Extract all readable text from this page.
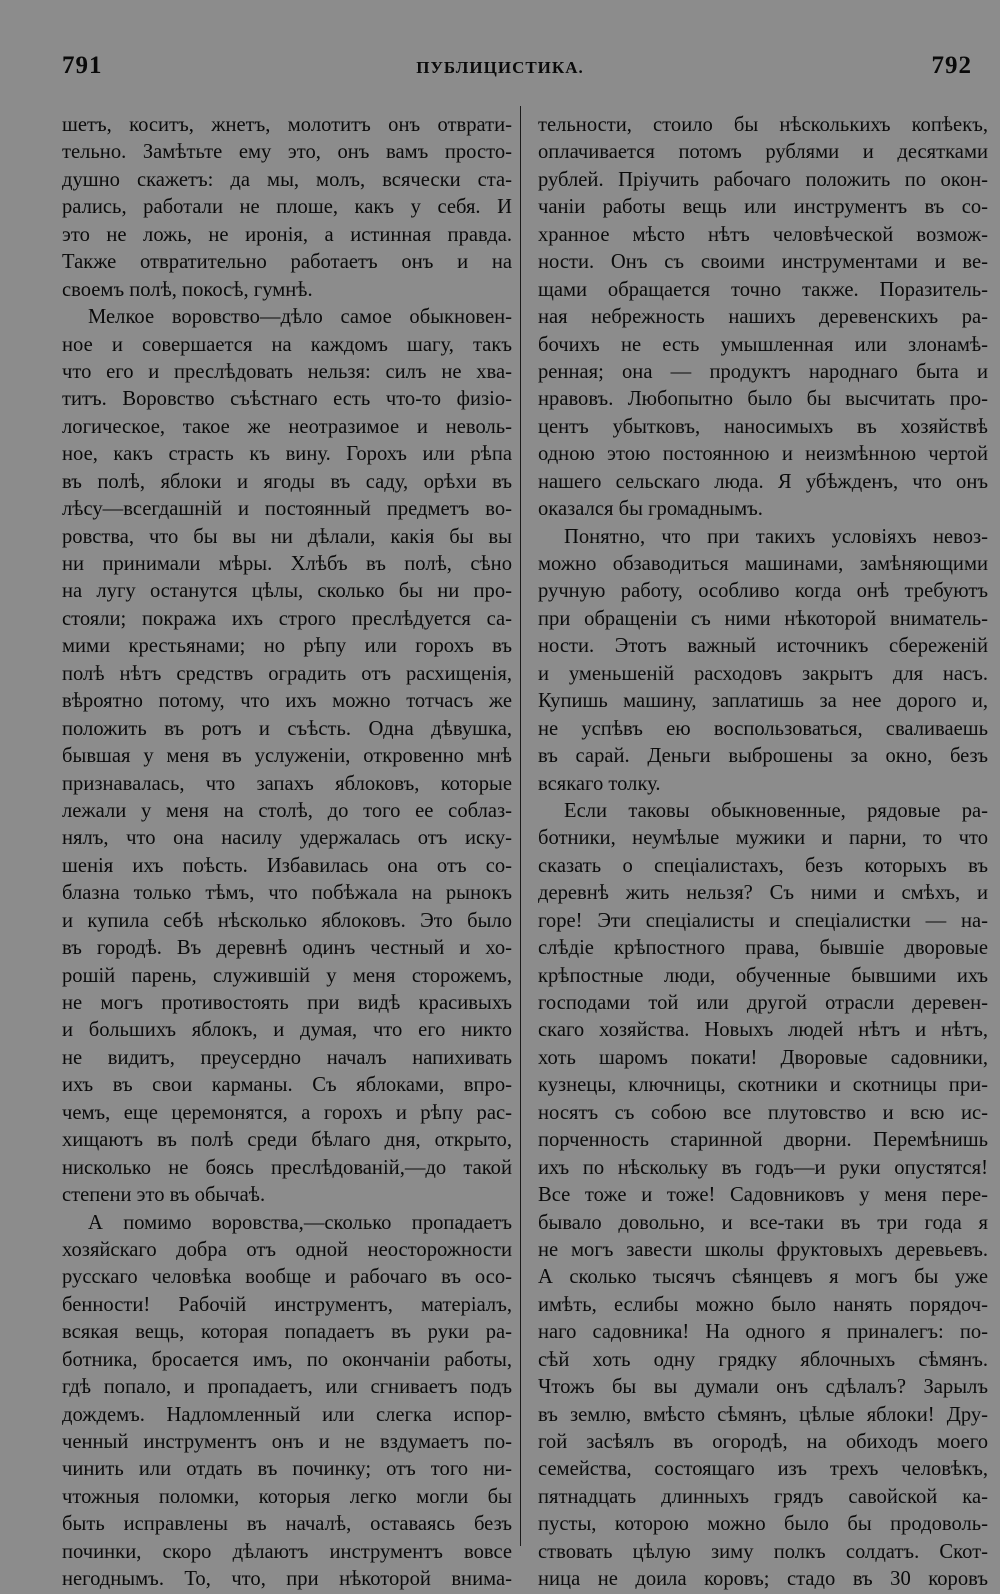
791	ПУБЛИЦИСТИКА.	792
шетъ, коситъ, жнетъ, молотитъ онъ отврати-
тельно. Замѣтьте ему это, онъ вамъ просто-
душно скажетъ: да мы, молъ, всячески ста-
рались, работали не плоше, какъ у себя. И
это не ложь, не иронія, а истинная правда.
Также отвратительно работаетъ онъ и на
своемъ полѣ, покосѣ, гумнѣ.
Мелкое воровство—дѣло самое обыкновен-
ное и совершается на каждомъ шагу, такъ
что его и преслѣдовать нельзя: силъ не хва-
титъ. Воровство съѣстнаго есть что-то физіо-
логическое, такое же неотразимое и неволь-
ное, какъ страсть къ вину. Горохъ или рѣпа
въ полѣ, яблоки и ягоды въ саду, орѣхи въ
лѣсу—всегдашній и постоянный предметъ во-
ровства, что бы вы ни дѣлали, какія бы вы
ни принимали мѣры. Хлѣбъ въ полѣ, сѣно
на лугу останутся цѣлы, сколько бы ни про-
стояли; покража ихъ строго преслѣдуется са-
мими крестьянами; но рѣпу или горохъ въ
полѣ нѣтъ средствъ оградить отъ расхищенія,
вѣроятно потому, что ихъ можно тотчасъ же
положить въ ротъ и съѣсть. Одна дѣвушка,
бывшая у меня въ услуженіи, откровенно мнѣ
признавалась, что запахъ яблоковъ, которые
лежали у меня на столѣ, до того ее соблаз-
нялъ, что она насилу удержалась отъ иску-
шенія ихъ поѣсть. Избавилась она отъ со-
блазна только тѣмъ, что побѣжала на рынокъ
и купила себѣ нѣсколько яблоковъ. Это было
въ городѣ. Въ деревнѣ одинъ честный и хо-
рошій парень, служившій у меня сторожемъ,
не могъ противостоять при видѣ красивыхъ
и большихъ яблокъ, и думая, что его никто
не видитъ, преусердно началъ напихивать
ихъ въ свои карманы. Съ яблоками, впро-
чемъ, еще церемонятся, а горохъ и рѣпу рас-
хищаютъ въ полѣ среди бѣлаго дня, открыто,
нисколько не боясь преслѣдованій,—до такой
степени это въ обычаѣ.
А помимо воровства,—сколько пропадаетъ
хозяйскаго добра отъ одной неосторожности
русскаго человѣка вообще и рабочаго въ осо-
бенности! Рабочій инструментъ, матеріалъ,
всякая вещь, которая попадаетъ въ руки ра-
ботника, бросается имъ, по окончаніи работы,
гдѣ попало, и пропадаетъ, или сгниваетъ подъ
дождемъ. Надломленный или слегка испор-
ченный инструментъ онъ и не вздумаетъ по-
чинить или отдать въ починку; отъ того ни-
чтожныя поломки, которыя легко могли бы
быть исправлены въ началѣ, оставаясь безъ
починки, скоро дѣлаютъ инструментъ вовсе
негоднымъ. То, что, при нѣкоторой внима-
тельности, стоило бы нѣсколькихъ копѣекъ,
оплачивается потомъ рублями и десятками
рублей. Пріучить рабочаго положить по окон-
чаніи работы вещь или инструментъ въ со-
хранное мѣсто нѣтъ человѣческой возмож-
ности. Онъ съ своими инструментами и ве-
щами обращается точно также. Поразитель-
ная небрежность нашихъ деревенскихъ ра-
бочихъ не есть умышленная или злонамѣ-
ренная; она — продуктъ народнаго быта и
нравовъ. Любопытно было бы высчитать про-
центъ убытковъ, наносимыхъ въ хозяйствѣ
одною этою постоянною и неизмѣнною чертой
нашего сельскаго люда. Я убѣжденъ, что онъ
оказался бы громаднымъ.
Понятно, что при такихъ условіяхъ невоз-
можно обзаводиться машинами, замѣняющими
ручную работу, особливо когда онѣ требуютъ
при обращеніи съ ними нѣкоторой вниматель-
ности. Этотъ важный источникъ сбереженій
и уменьшеній расходовъ закрытъ для насъ.
Купишь машину, заплатишь за нее дорого и,
не успѣвъ ею воспользоваться, сваливаешь
въ сарай. Деньги выброшены за окно, безъ
всякаго толку.
Если таковы обыкновенные, рядовые ра-
ботники, неумѣлые мужики и парни, то что
сказать о спеціалистахъ, безъ которыхъ въ
деревнѣ жить нельзя? Съ ними и смѣхъ, и
горе! Эти спеціалисты и спеціалистки — на-
слѣдіе крѣпостного права, бывшіе дворовые
крѣпостные люди, обученные бывшими ихъ
господами той или другой отрасли деревен-
скаго хозяйства. Новыхъ людей нѣтъ и нѣтъ,
хоть шаромъ покати! Дворовые садовники,
кузнецы, ключницы, скотники и скотницы при-
носятъ съ собою все плутовство и всю ис-
порченность старинной дворни. Перемѣнишь
ихъ по нѣскольку въ годъ—и руки опустятся!
Все тоже и тоже! Садовниковъ у меня пере-
бывало довольно, и все-таки въ три года я
не могъ завести школы фруктовыхъ деревьевъ.
А сколько тысячъ сѣянцевъ я могъ бы уже
имѣть, еслибы можно было нанять порядоч-
наго садовника! На одного я приналегъ: по-
сѣй хоть одну грядку яблочныхъ сѣмянъ.
Чтожъ бы вы думали онъ сдѣлалъ? Зарылъ
въ землю, вмѣсто сѣмянъ, цѣлые яблоки! Дру-
гой засѣялъ въ огородѣ, на обиходъ моего
семейства, состоящаго изъ трехъ человѣкъ,
пятнадцать длинныхъ грядъ савойской ка-
пусты, которою можно было бы продоволь-
ствовать цѣлую зиму полкъ солдатъ. Скот-
ница не доила коровъ; стадо въ 30 коровъ
